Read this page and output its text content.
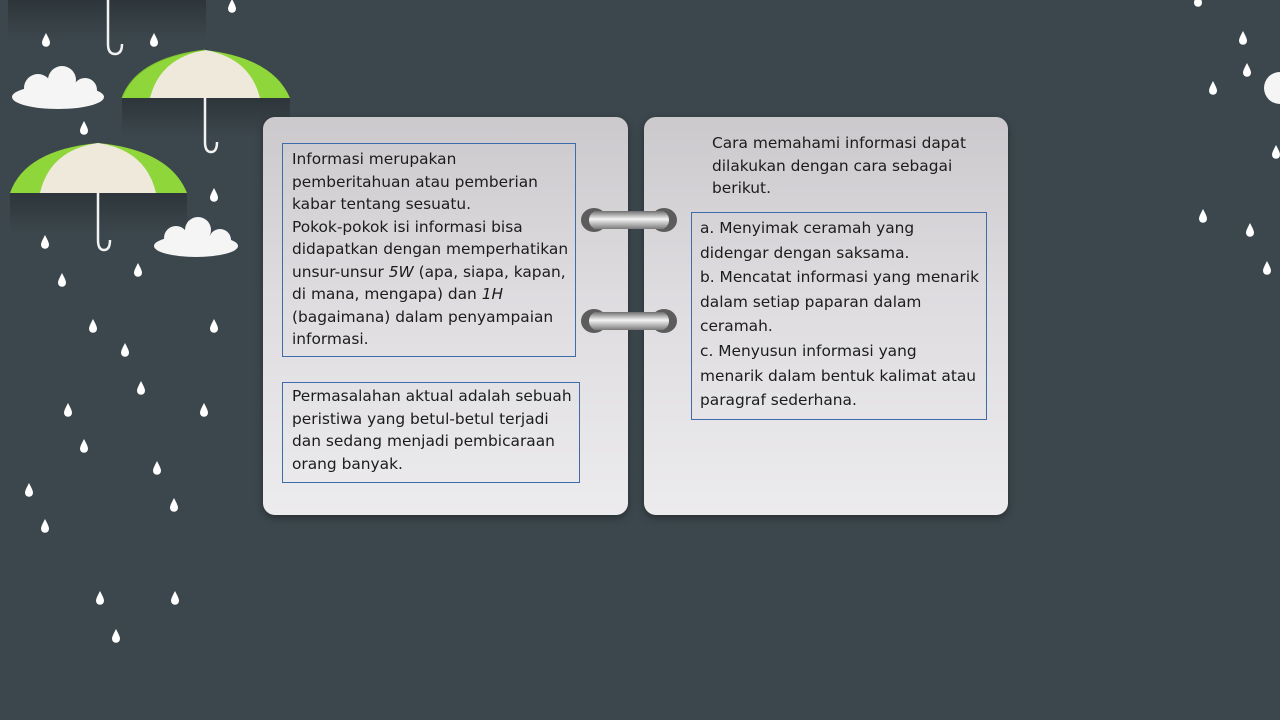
Informasi merupakan pemberitahuan atau pemberian kabar tentang sesuatu.

Pokok-pokok isi informasi bisa didapatkan dengan memperhatikan unsur-unsur 5W (apa, siapa, kapan, di mana, mengapa) dan 1H (bagaimana) dalam penyampaian informasi.

Permasalahan aktual adalah sebuah peristiwa yang betul-betul terjadi dan sedang menjadi pembicaraan orang banyak.

Cara memahami informasi dapat dilakukan dengan cara sebagai berikut.

a. Menyimak ceramah yang didengar dengan saksama.

b. Mencatat informasi yang menarik dalam setiap paparan dalam ceramah.

c. Menyusun informasi yang menarik dalam bentuk kalimat atau paragraf sederhana.
